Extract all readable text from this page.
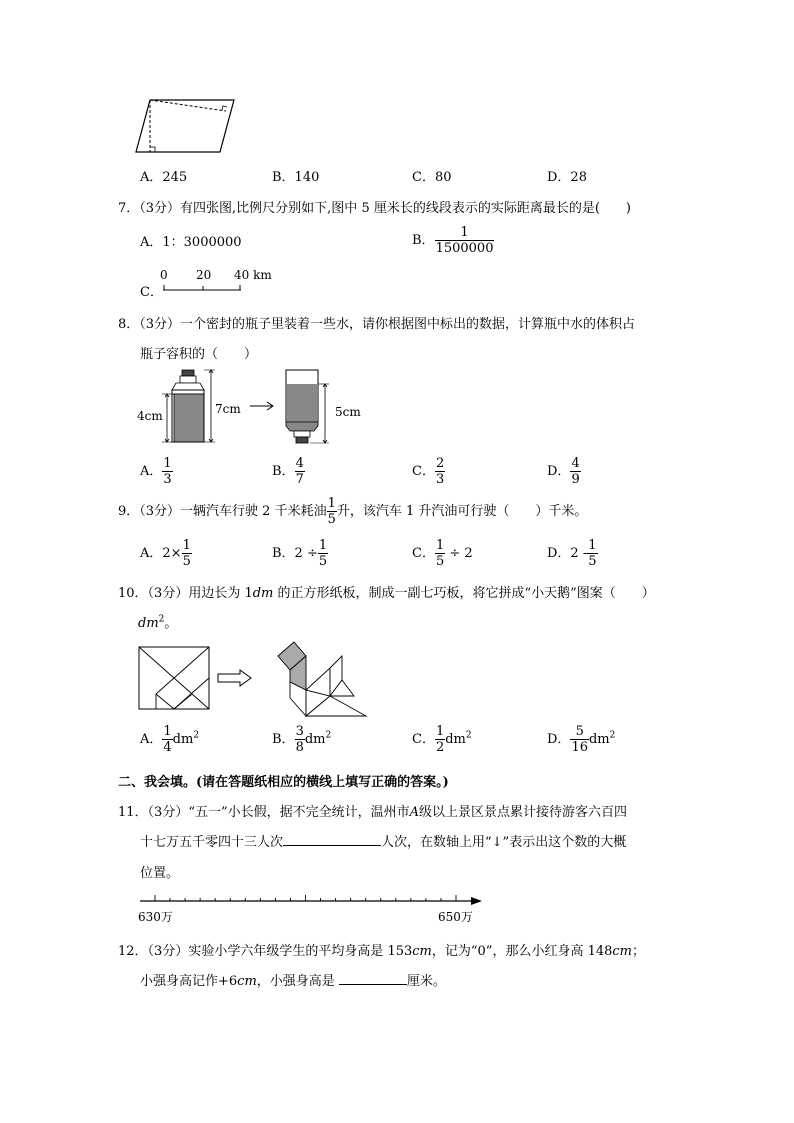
A．245	B．140	C．80	D．28
7．（3分）有四张图,比例尺分别如下,图中 5 厘米长的线段表示的实际距离最长的是(　　)
A．1：3000000	B． $\frac{1}{1500000}$
C．
0 20 40 km
8．（3分）一个密封的瓶子里装着一些水，请你根据图中标出的数据，计算瓶中水的体积占
瓶子容积的（　　）
4cm	7cm	5cm
A． $\frac{1}{3}$	B． $\frac{4}{7}$	C． $\frac{2}{3}$	D． $\frac{4}{9}$
9．（3分）一辆汽车行驶 2 千米耗油 $\frac{1}{5}$ 升，该汽车 1 升汽油可行驶（　　）千米。
A．$2\times \frac{1}{5}$	B．$2 \div \frac{1}{5}$	C． $\frac{1}{5} \div 2$	D．$2 - \frac{1}{5}$
10．（3分）用边长为 1dm 的正方形纸板，制成一副七巧板，将它拼成“小天鹅”图案（　　）
$dm^2$。
A． $\frac{1}{4} dm^2$	B． $\frac{3}{8} dm^2$	C． $\frac{1}{2} dm^2$	D． $\frac{5}{16} dm^2$
二、我会填。(请在答题纸相应的横线上填写正确的答案。)
11．（3分）“五一”小长假，据不完全统计，温州市A级以上景区景点累计接待游客六百四
十七万五千零四十三人次	人次，在数轴上用“↓”表示出这个数的大概
位置。
630万	650万
12．（3分）实验小学六年级学生的平均身高是 153cm，记为“0”，那么小红身高 148cm；
小强身高记作+6cm，小强身高是	厘米。
